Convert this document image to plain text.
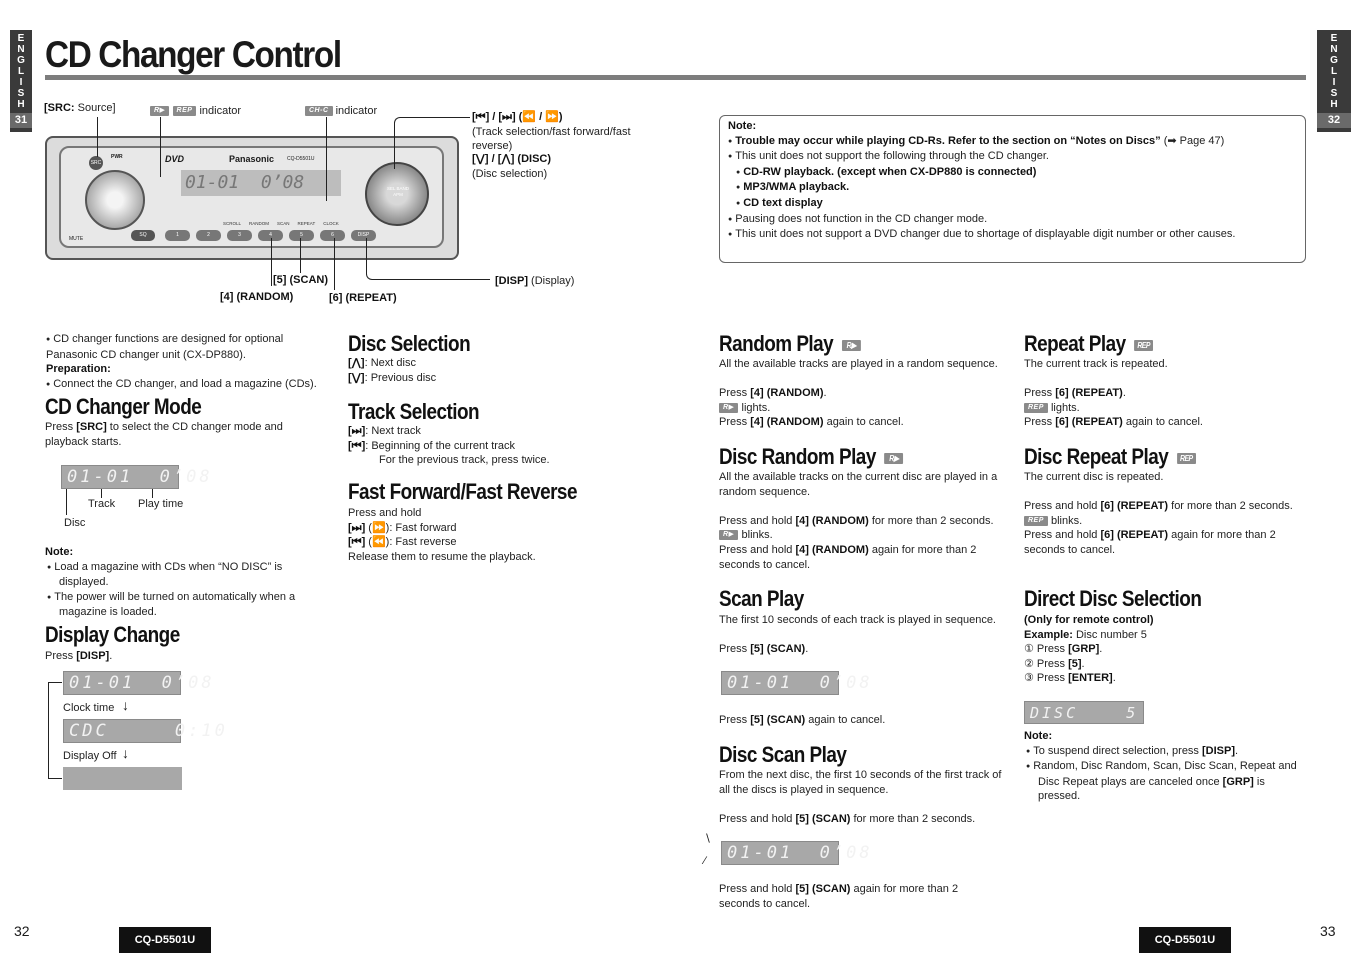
ENGLISH
31
ENGLISH
32
CD Changer Control
[SRC: Source]	R▶ REP indicator	CH-C indicator	[⏮] / [⏭] (⏪ / ⏩)
(Track selection/fast forward/fast reverse)
[⋁] / [⋀] (DISC)
(Disc selection)
SRC
PWR	DVD	Panasonic	CQ-D5501U
01-01  0’08	SEL BAND APM
MUTE
SQ	1	2	3	4	5	6	DISP
SCROLL RANDOM SCAN REPEAT CLOCK
[5] (SCAN)
[4] (RANDOM)	[6] (REPEAT)
[DISP] (Display)
Note:
● Trouble may occur while playing CD-Rs. Refer to the section on “Notes on Discs” (➡ Page 47)
● This unit does not support the following through the CD changer.
● CD-RW playback. (except when CX-DP880 is connected)
● MP3/WMA playback.
● CD text display
● Pausing does not function in the CD changer mode.
● This unit does not support a DVD changer due to shortage of displayable digit number or other causes.
● CD changer functions are designed for optional Panasonic CD changer unit (CX-DP880).
Preparation:
● Connect the CD changer, and load a magazine (CDs).
CD Changer Mode
Press [SRC] to select the CD changer mode and playback starts.
01-01  0’08
Track Play time
Disc
Note:
● Load a magazine with CDs when “NO DISC” is displayed.
● The power will be turned on automatically when a magazine is loaded.
Display Change
Press [DISP].
01-01  0’08
Clock time ↓
CDC     0:10
Display Off ↓
Disc Selection
[⋀]: Next disc
[⋁]: Previous disc
Track Selection
[⏭]: Next track
[⏮]: Beginning of the current track
For the previous track, press twice.
Fast Forward/Fast Reverse
Press and hold
[⏭] (⏩): Fast forward
[⏮] (⏪): Fast reverse
Release them to resume the playback.
Random Play R▶
All the available tracks are played in a random sequence.
Press [4] (RANDOM).
R▶ lights.
Press [4] (RANDOM) again to cancel.
Disc Random Play R▶
All the available tracks on the current disc are played in a random sequence.
Press and hold [4] (RANDOM) for more than 2 seconds.
R▶ blinks.
Press and hold [4] (RANDOM) again for more than 2 seconds to cancel.
Scan Play
The first 10 seconds of each track is played in sequence.
Press [5] (SCAN).
01-01  0’08
Press [5] (SCAN) again to cancel.
Disc Scan Play
From the next disc, the first 10 seconds of the first track of all the discs is played in sequence.
Press and hold [5] (SCAN) for more than 2 seconds.
∖

∕	01-01  0’08
Press and hold [5] (SCAN) again for more than 2 seconds to cancel.
Repeat Play REP
The current track is repeated.
Press [6] (REPEAT).
REP lights.
Press [6] (REPEAT) again to cancel.
Disc Repeat Play REP
The current disc is repeated.
Press and hold [6] (REPEAT) for more than 2 seconds.
REP blinks.
Press and hold [6] (REPEAT) again for more than 2 seconds to cancel.
Direct Disc Selection
(Only for remote control)
Example: Disc number 5
① Press [GRP].
② Press [5].
③ Press [ENTER].
DISC    5
Note:
● To suspend direct selection, press [DISP].
● Random, Disc Random, Scan, Disc Scan, Repeat and Disc Repeat plays are canceled once [GRP] is pressed.
32
CQ-D5501U	CQ-D5501U
33
